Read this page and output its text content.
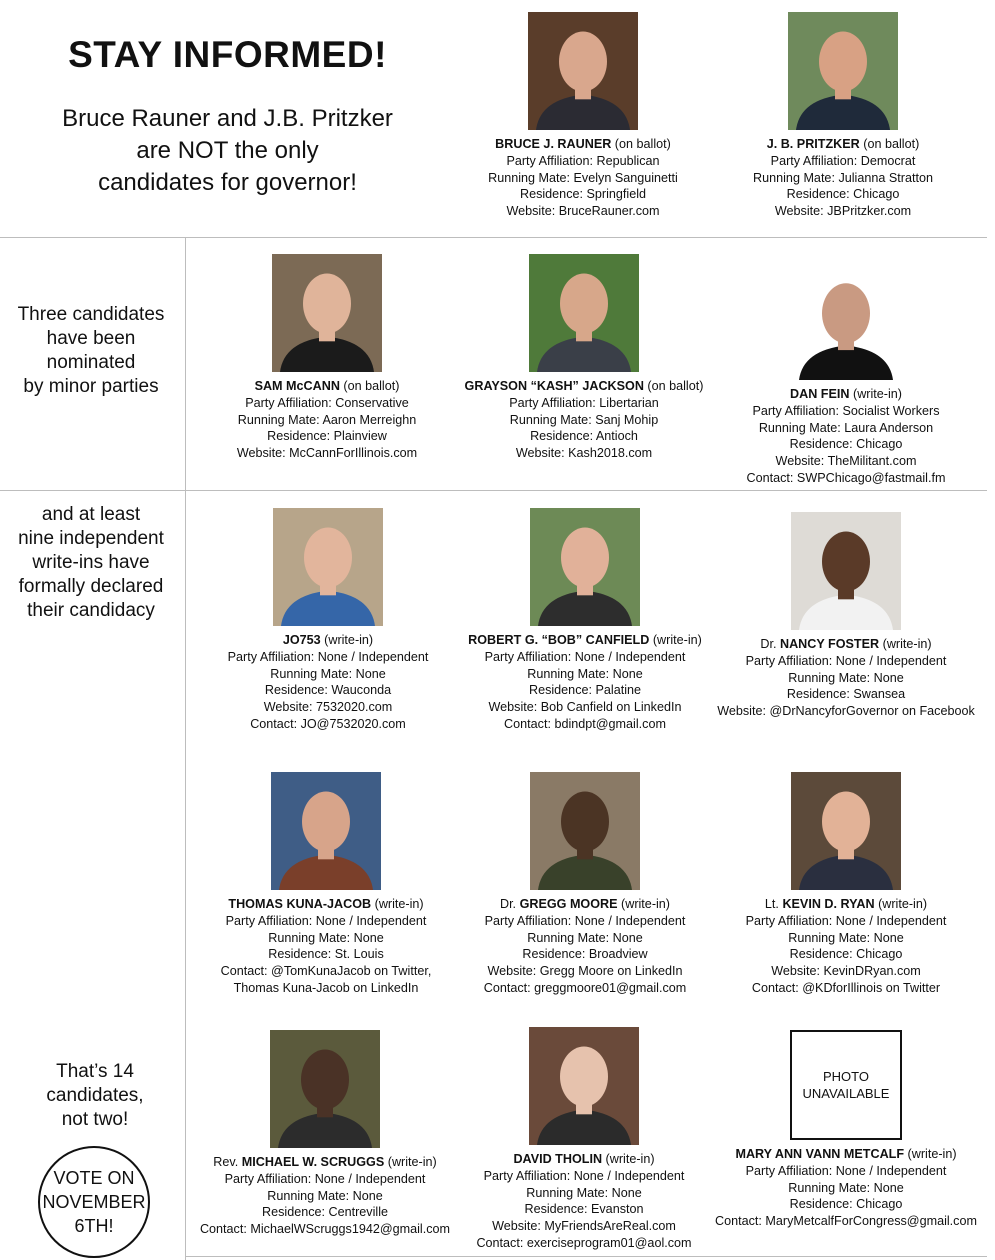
STAY INFORMED!
Bruce Rauner and J.B. Pritzker
are NOT the only
candidates for governor!
Three candidates
have been
nominated
by minor parties
and at least
nine independent
write-ins have
formally declared
their candidacy
That’s 14
candidates,
not two!
VOTE ON
NOVEMBER
6TH!
BRUCE J. RAUNER (on ballot)
Party Affiliation: Republican
Running Mate: Evelyn Sanguinetti
Residence: Springfield
Website: BruceRauner.com
J. B. PRITZKER (on ballot)
Party Affiliation: Democrat
Running Mate: Julianna Stratton
Residence: Chicago
Website: JBPritzker.com
SAM McCANN (on ballot)
Party Affiliation: Conservative
Running Mate: Aaron Merreighn
Residence: Plainview
Website: McCannForIllinois.com
GRAYSON “KASH” JACKSON (on ballot)
Party Affiliation: Libertarian
Running Mate: Sanj Mohip
Residence: Antioch
Website: Kash2018.com
DAN FEIN (write-in)
Party Affiliation: Socialist Workers
Running Mate: Laura Anderson
Residence: Chicago
Website: TheMilitant.com
Contact: SWPChicago@fastmail.fm
JO753 (write-in)
Party Affiliation: None / Independent
Running Mate: None
Residence: Wauconda
Website: 7532020.com
Contact: JO@7532020.com
ROBERT G. “BOB” CANFIELD (write-in)
Party Affiliation: None / Independent
Running Mate: None
Residence: Palatine
Website: Bob Canfield on LinkedIn
Contact: bdindpt@gmail.com
Dr. NANCY FOSTER (write-in)
Party Affiliation: None / Independent
Running Mate: None
Residence: Swansea
Website: @DrNancyforGovernor on Facebook
THOMAS KUNA-JACOB (write-in)
Party Affiliation: None / Independent
Running Mate: None
Residence: St. Louis
Contact: @TomKunaJacob on Twitter,
Thomas Kuna-Jacob on LinkedIn
Dr. GREGG MOORE (write-in)
Party Affiliation: None / Independent
Running Mate: None
Residence: Broadview
Website: Gregg Moore on LinkedIn
Contact: greggmoore01@gmail.com
Lt. KEVIN D. RYAN (write-in)
Party Affiliation: None / Independent
Running Mate: None
Residence: Chicago
Website: KevinDRyan.com
Contact: @KDforIllinois on Twitter
Rev. MICHAEL W. SCRUGGS (write-in)
Party Affiliation: None / Independent
Running Mate: None
Residence: Centreville
Contact: MichaelWScruggs1942@gmail.com
DAVID THOLIN (write-in)
Party Affiliation: None / Independent
Running Mate: None
Residence: Evanston
Website: MyFriendsAreReal.com
Contact: exerciseprogram01@aol.com
PHOTO
UNAVAILABLE
MARY ANN VANN METCALF (write-in)
Party Affiliation: None / Independent
Running Mate: None
Residence: Chicago
Contact: MaryMetcalfForCongress@gmail.com
